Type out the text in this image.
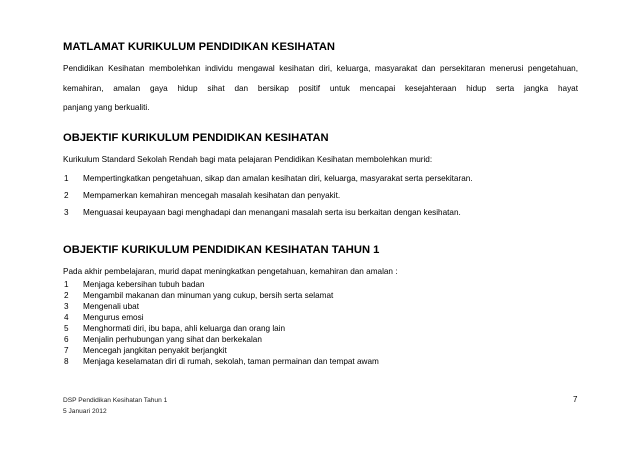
MATLAMAT KURIKULUM PENDIDIKAN KESIHATAN

Pendidikan Kesihatan membolehkan individu mengawal kesihatan diri, keluarga, masyarakat dan persekitaran menerusi pengetahuan, kemahiran, amalan gaya hidup sihat dan bersikap positif untuk mencapai kesejahteraan hidup serta jangka hayat
panjang yang berkualiti.

OBJEKTIF KURIKULUM PENDIDIKAN KESIHATAN

Kurikulum Standard Sekolah Rendah bagi mata pelajaran Pendidikan Kesihatan membolehkan murid:

1 Mempertingkatkan pengetahuan, sikap dan amalan kesihatan diri, keluarga, masyarakat serta persekitaran.

2 Mempamerkan kemahiran mencegah masalah kesihatan dan penyakit.

3 Menguasai keupayaan bagi menghadapi dan menangani masalah serta isu berkaitan dengan kesihatan.

OBJEKTIF KURIKULUM PENDIDIKAN KESIHATAN TAHUN 1

Pada akhir pembelajaran, murid dapat meningkatkan pengetahuan, kemahiran dan amalan :

1 Menjaga kebersihan tubuh badan

2 Mengambil makanan dan minuman yang cukup, bersih serta selamat

3 Mengenali ubat

4 Mengurus emosi

5 Menghormati diri, ibu bapa, ahli keluarga dan orang lain

6 Menjalin perhubungan yang sihat dan berkekalan

7 Mencegah jangkitan penyakit berjangkit

8 Menjaga keselamatan diri di rumah, sekolah, taman permainan dan tempat awam

DSP Pendidikan Kesihatan Tahun 1
5 Januari 2012
7
